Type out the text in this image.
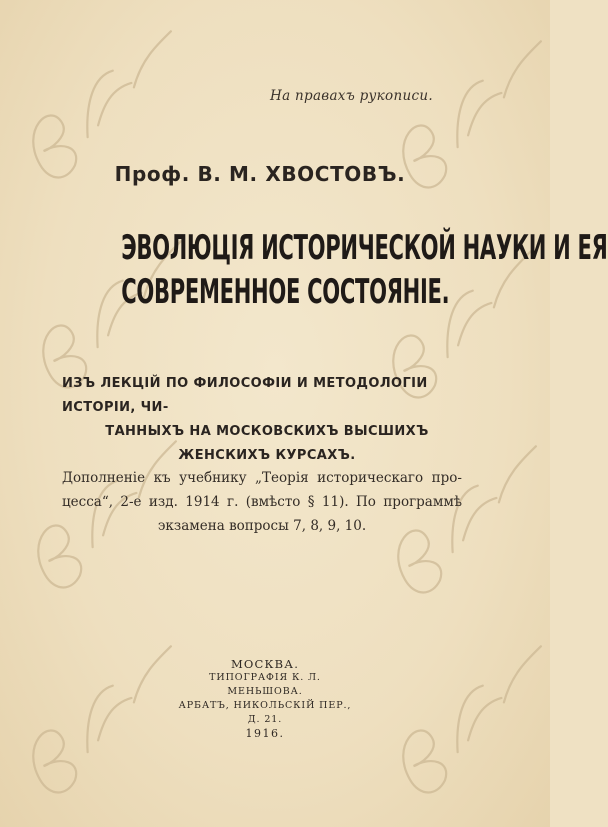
На правахъ рукописи.
Проф. В. М. ХВОСТОВЪ.
ЭВОЛЮЦІЯ ИСТОРИЧЕСКОЙ НАУКИ И ЕЯ
СОВРЕМЕННОЕ СОСТОЯНІЕ.
ИЗЪ ЛЕКЦІЙ ПО ФИЛОСОФІИ И МЕТОДОЛОГІИ ИСТОРІИ, ЧИ-
ТАННЫХЪ НА МОСКОВСКИХЪ ВЫСШИХЪ ЖЕНСКИХЪ КУРСАХЪ.
Дополненіе къ учебнику „Теорія историческаго про-
цесса“, 2-е изд. 1914 г. (вмѣсто § 11). По программѣ
экзамена вопросы 7, 8, 9, 10.
МОСКВА.
ТИПОГРАФІЯ К. Л. МЕНЬШОВА.
АРБАТЪ, НИКОЛЬСКІЙ ПЕР., Д. 21.
1916.
